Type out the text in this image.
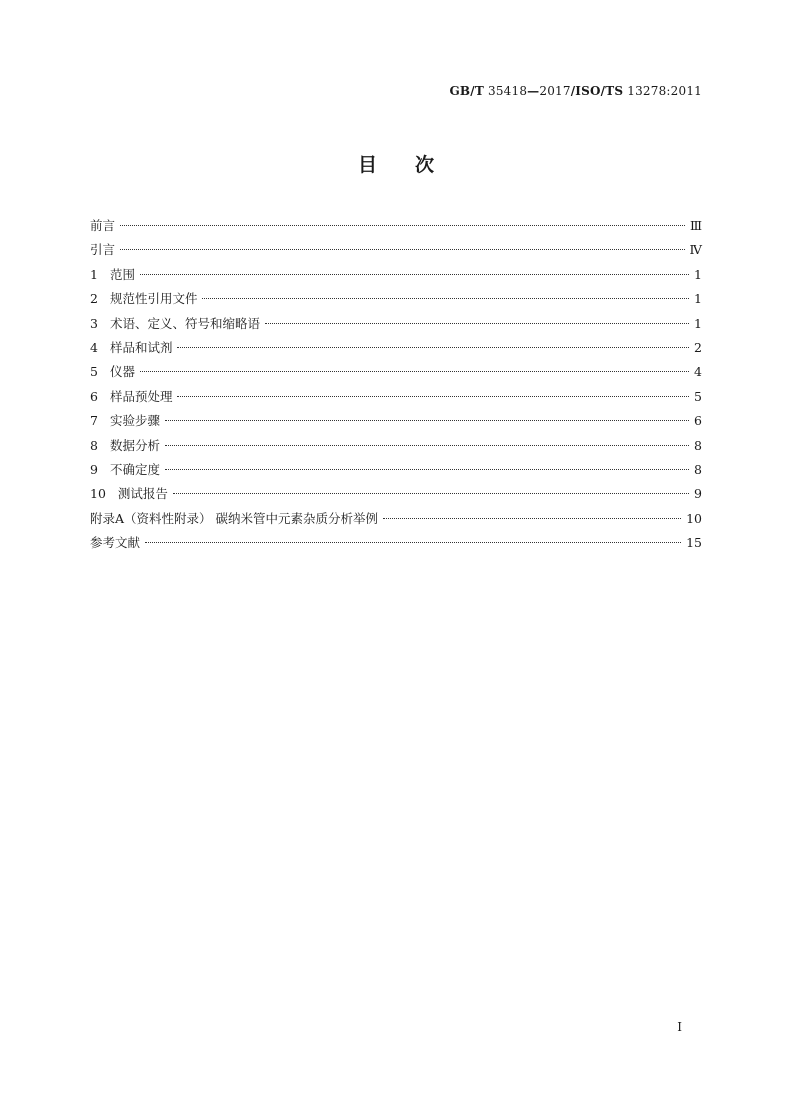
GB/T 35418—2017/ISO/TS 13278:2011
目次
前言	Ⅲ
引言	Ⅳ
1 范围	1
2 规范性引用文件	1
3 术语、定义、符号和缩略语	1
4 样品和试剂	2
5 仪器	4
6 样品预处理	5
7 实验步骤	6
8 数据分析	8
9 不确定度	8
10 测试报告	9
附录A（资料性附录） 碳纳米管中元素杂质分析举例	10
参考文献	15
I
